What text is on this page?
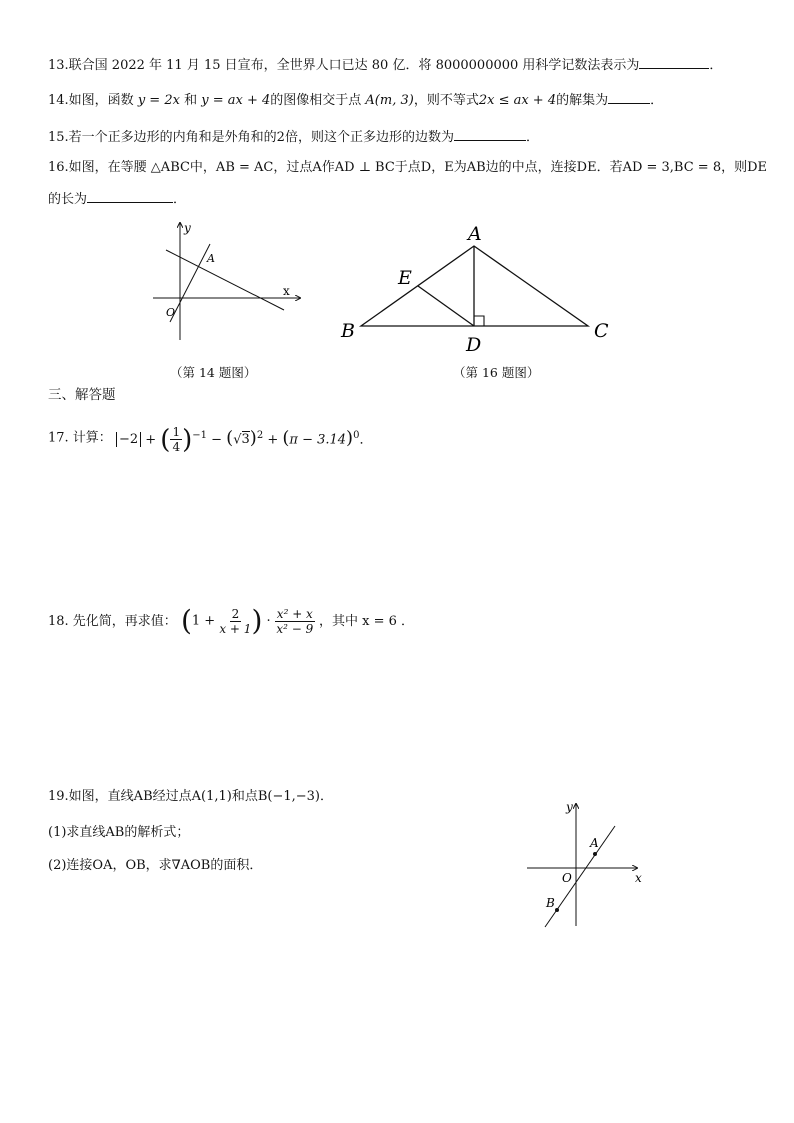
13.联合国 2022 年 11 月 15 日宣布，全世界人口已达 80 亿．将 8000000000 用科学记数法表示为	．
14.如图，函数 y = 2x 和 y = ax + 4的图像相交于点 A(m, 3)，则不等式2x ≤ ax + 4的解集为	．
15.若一个正多边形的内角和是外角和的2倍，则这个正多边形的边数为	．
16.如图，在等腰 △ABC中，AB = AC，过点A作AD ⊥ BC于点D，E为AB边的中点，连接DE．若AD = 3,BC = 8，则DE
的长为	．
y
x
A
O
A
B	C
D
E
（第 14 题图）	（第 16 题图）
三、解答题
17. 计算： −2 + ( $\frac{1}{4} )^{-1} - (√3)^2 + (\pi - 3.14)^0$．
18. 先化简，再求值： ($1 + \frac{2}{x + 1}$ ) · $\frac{\text{x² + x}}{\text{x² − 9}}$ ，其中 x = 6 ．
19.如图，直线AB经过点A(1,1)和点B(−1,−3)．
(1)求直线AB的解析式；
(2)连接OA，OB，求∇AOB的面积．
y
x
A
B
O
